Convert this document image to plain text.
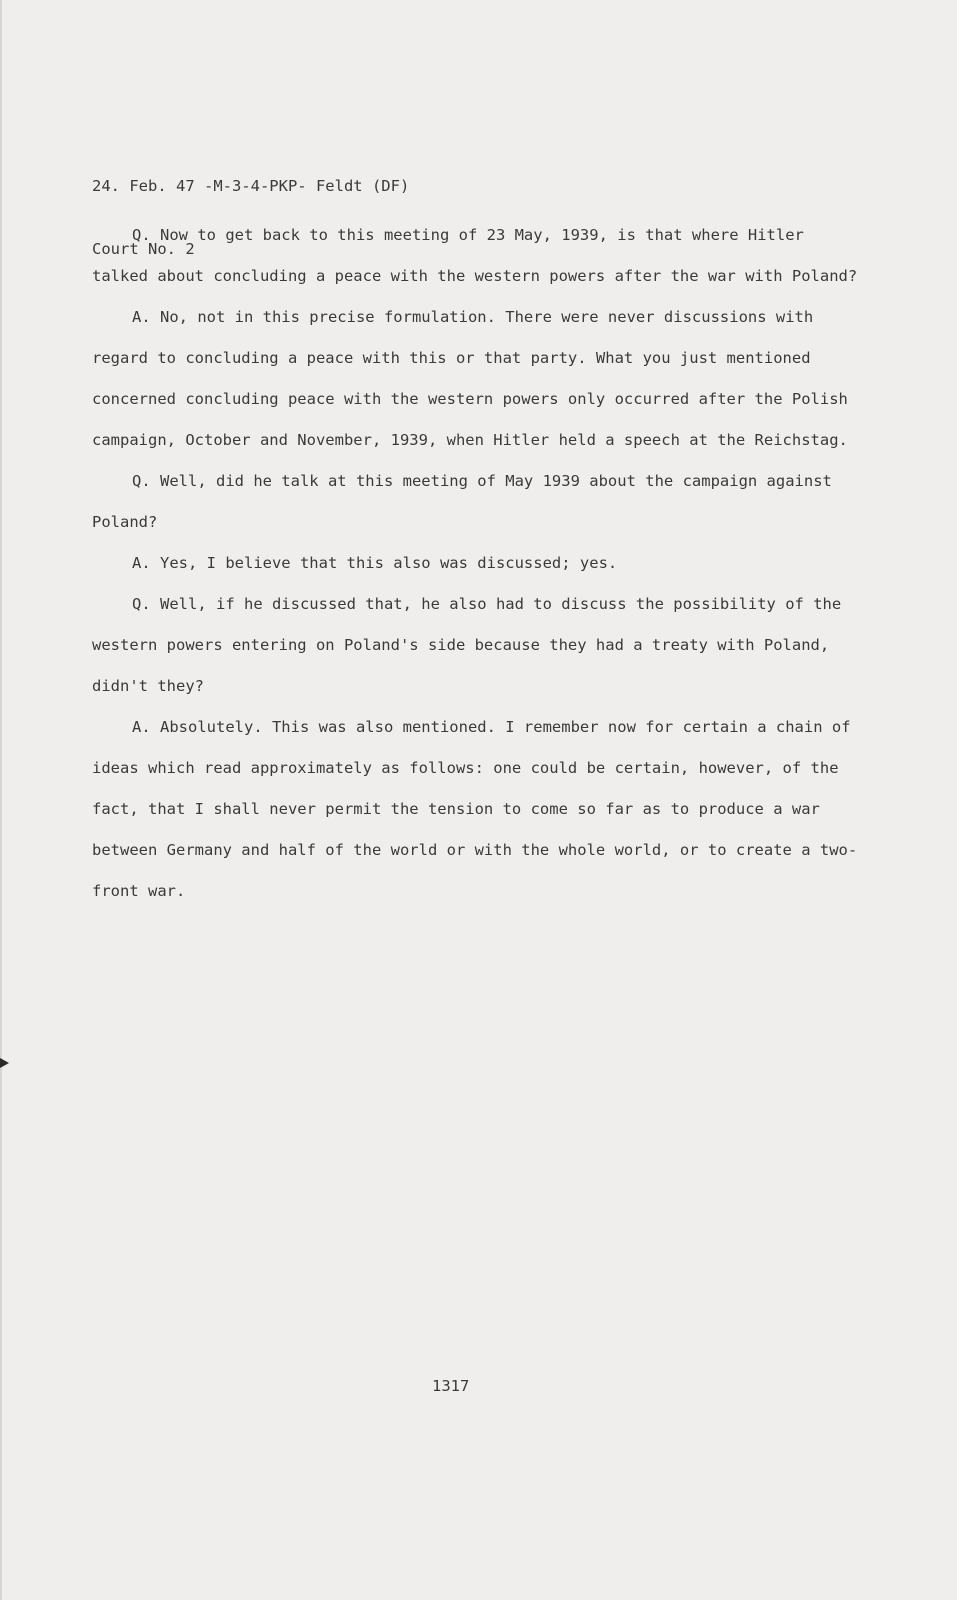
24. Feb. 47 -M-3-4-PKP- Feldt (DF)

Court No. 2

Q. Now to get back to this meeting of 23 May, 1939, is that where Hitler talked about concluding a peace with the western powers after the war with Poland?

A. No, not in this precise formulation. There were never discussions with regard to concluding a peace with this or that party. What you just mentioned concerned concluding peace with the western powers only occurred after the Polish campaign, October and November, 1939, when Hitler held a speech at the Reichstag.

Q. Well, did he talk at this meeting of May 1939 about the campaign against Poland?

A. Yes, I believe that this also was discussed; yes.

Q. Well, if he discussed that, he also had to discuss the possibility of the western powers entering on Poland's side because they had a treaty with Poland, didn't they?

A. Absolutely. This was also mentioned. I remember now for certain a chain of ideas which read approximately as follows: one could be certain, however, of the fact, that I shall never permit the tension to come so far as to produce a war between Germany and half of the world or with the whole world, or to create a two-front war.

1317
